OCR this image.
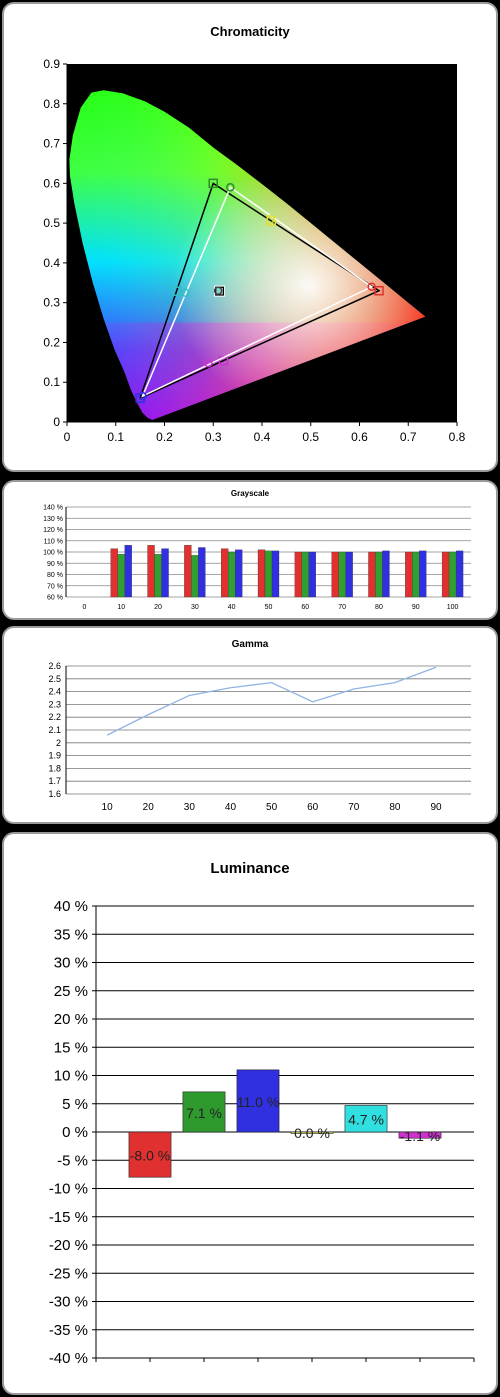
Chromaticity
0	0.1	0.2	0.3	0.4	0.5	0.6	0.7	0.8
0
0.1
0.2
0.3
0.4
0.5
0.6
0.7
0.8
0.9
Grayscale
60 %
70 %
80 %
90 %
100 %
110 %
120 %
130 %
140 %
0	10	20	30	40	50	60	70	80	90	100
Gamma
1.6
1.7
1.8
1.9
2
2.1
2.2
2.3
2.4
2.5
2.6
10	20	30	40	50	60	70	80	90
Luminance
-40 %
-35 %
-30 %
-25 %
-20 %
-15 %
-10 %
-5 %
0 %
5 %
10 %
15 %
20 %
25 %
30 %
35 %
40 %
-8.0 %
7.1 %
11.0 %
0.0 %
4.7 %
-1.1 %
